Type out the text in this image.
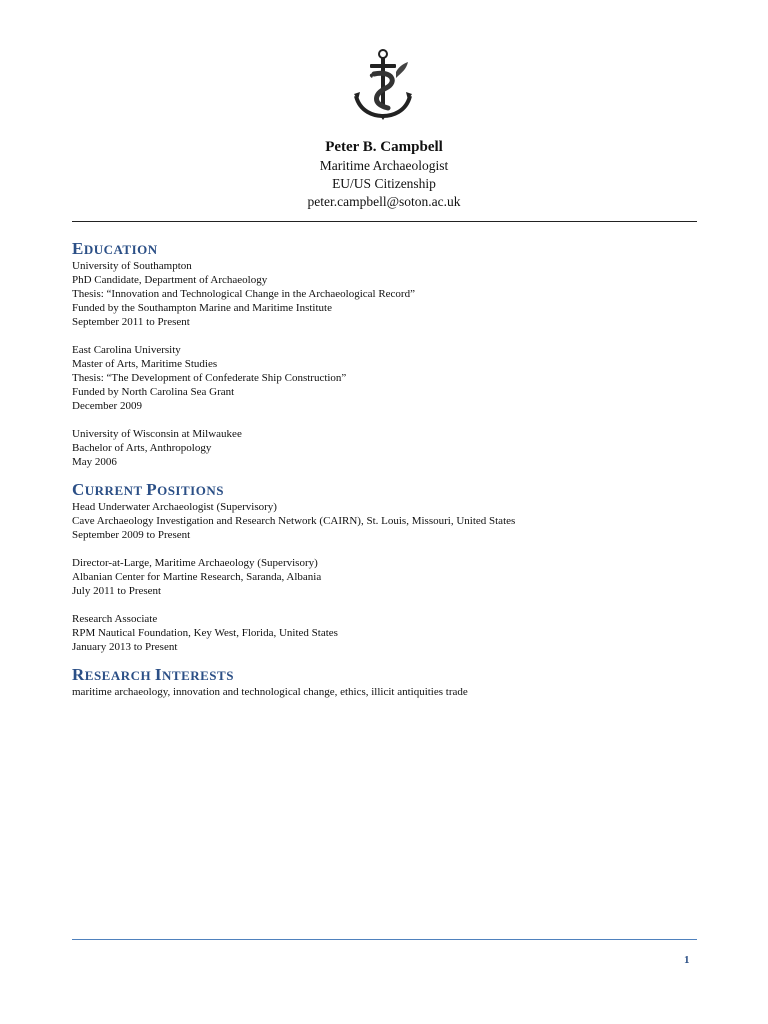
Peter B. Campbell
Maritime Archaeologist
EU/US Citizenship
peter.campbell@soton.ac.uk
EDUCATION
University of Southampton
PhD Candidate, Department of Archaeology
Thesis: “Innovation and Technological Change in the Archaeological Record”
Funded by the Southampton Marine and Maritime Institute
September 2011 to Present
East Carolina University
Master of Arts, Maritime Studies
Thesis: “The Development of Confederate Ship Construction”
Funded by North Carolina Sea Grant
December 2009
University of Wisconsin at Milwaukee
Bachelor of Arts, Anthropology
May 2006
CURRENT POSITIONS
Head Underwater Archaeologist (Supervisory)
Cave Archaeology Investigation and Research Network (CAIRN), St. Louis, Missouri, United States
September 2009 to Present
Director-at-Large, Maritime Archaeology (Supervisory)
Albanian Center for Martine Research, Saranda, Albania
July 2011 to Present
Research Associate
RPM Nautical Foundation, Key West, Florida, United States
January 2013 to Present
RESEARCH INTERESTS
maritime archaeology, innovation and technological change, ethics, illicit antiquities trade
1
